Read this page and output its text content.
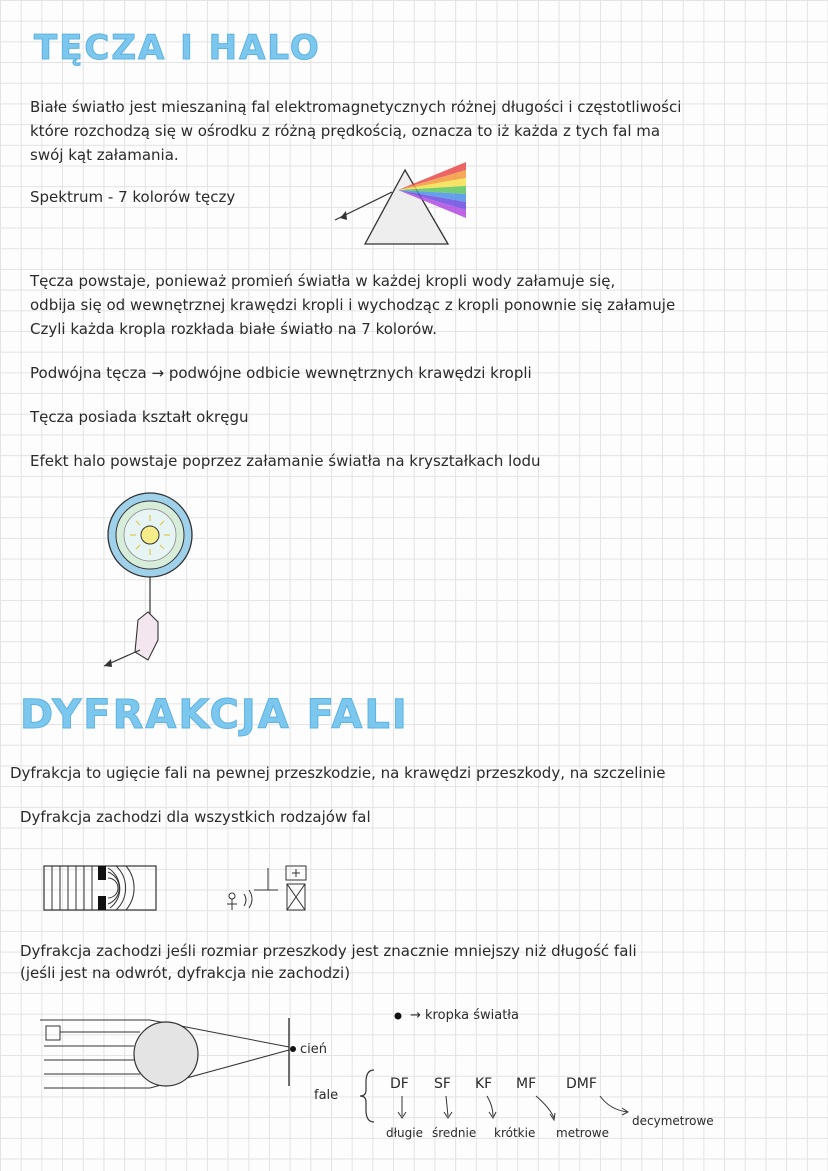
TĘCZA I HALO
Białe światło jest mieszaniną fal elektromagnetycznych różnej długości i częstotliwości
które rozchodzą się w ośrodku z różną prędkością, oznacza to iż każda z tych fal ma
swój kąt załamania.
Spektrum - 7 kolorów tęczy
Tęcza powstaje, ponieważ promień światła w każdej kropli wody załamuje się,
odbija się od wewnętrznej krawędzi kropli i wychodząc z kropli ponownie się załamuje
Czyli każda kropla rozkłada białe światło na 7 kolorów.
Podwójna tęcza → podwójne odbicie wewnętrznych krawędzi kropli
Tęcza posiada kształt okręgu
Efekt halo powstaje poprzez załamanie światła na kryształkach lodu
DYFRAKCJA FALI
Dyfrakcja to ugięcie fali na pewnej przeszkodzie, na krawędzi przeszkody, na szczelinie
Dyfrakcja zachodzi dla wszystkich rodzajów fal
Dyfrakcja zachodzi jeśli rozmiar przeszkody jest znacznie mniejszy niż długość fali
(jeśli jest na odwrót, dyfrakcja nie zachodzi)
→ kropka światła
cień
fale
DF SF KF MF DMF
długie średnie krótkie metrowe
decymetrowe
